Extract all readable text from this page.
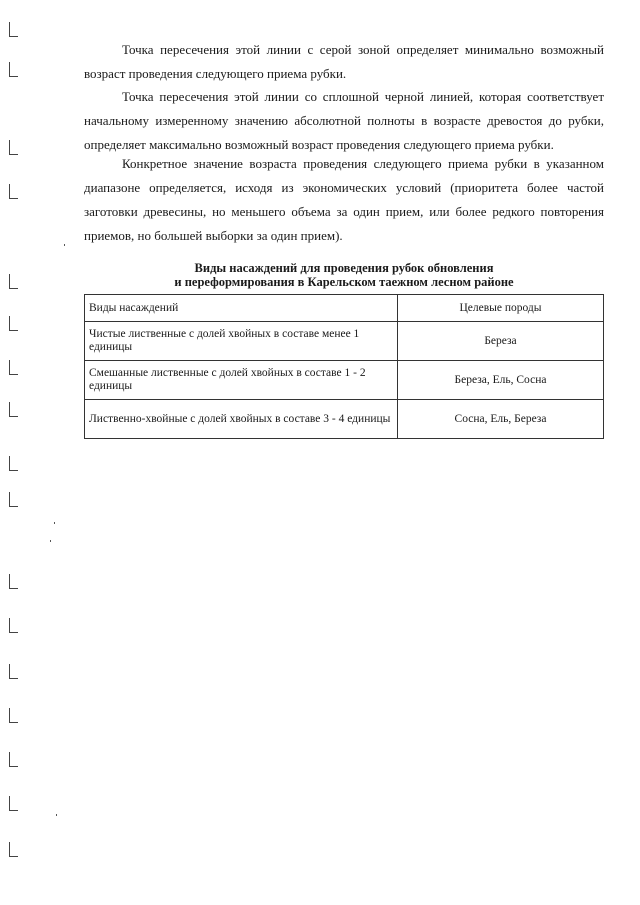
Точка пересечения этой линии с серой зоной определяет минимально возможный возраст проведения следующего приема рубки.

Точка пересечения этой линии со сплошной черной линией, которая соответствует начальному измеренному значению абсолютной полноты в возрасте древостоя до рубки, определяет максимально возможный возраст проведения следующего приема рубки.

Конкретное значение возраста проведения следующего приема рубки в указанном диапазоне определяется, исходя из экономических условий (приоритета более частой заготовки древесины, но меньшего объема за один прием, или более редкого повторения приемов, но большей выборки за один прием).

Виды насаждений для проведения рубок обновления
и переформирования в Карельском таежном лесном районе
Виды насаждений	Целевые породы
Чистые лиственные с долей хвойных в составе менее 1 единицы	Береза
Смешанные лиственные с долей хвойных в составе 1 - 2 единицы	Береза, Ель, Сосна
Лиственно-хвойные с долей хвойных в составе 3 - 4 единицы	Сосна, Ель, Береза
